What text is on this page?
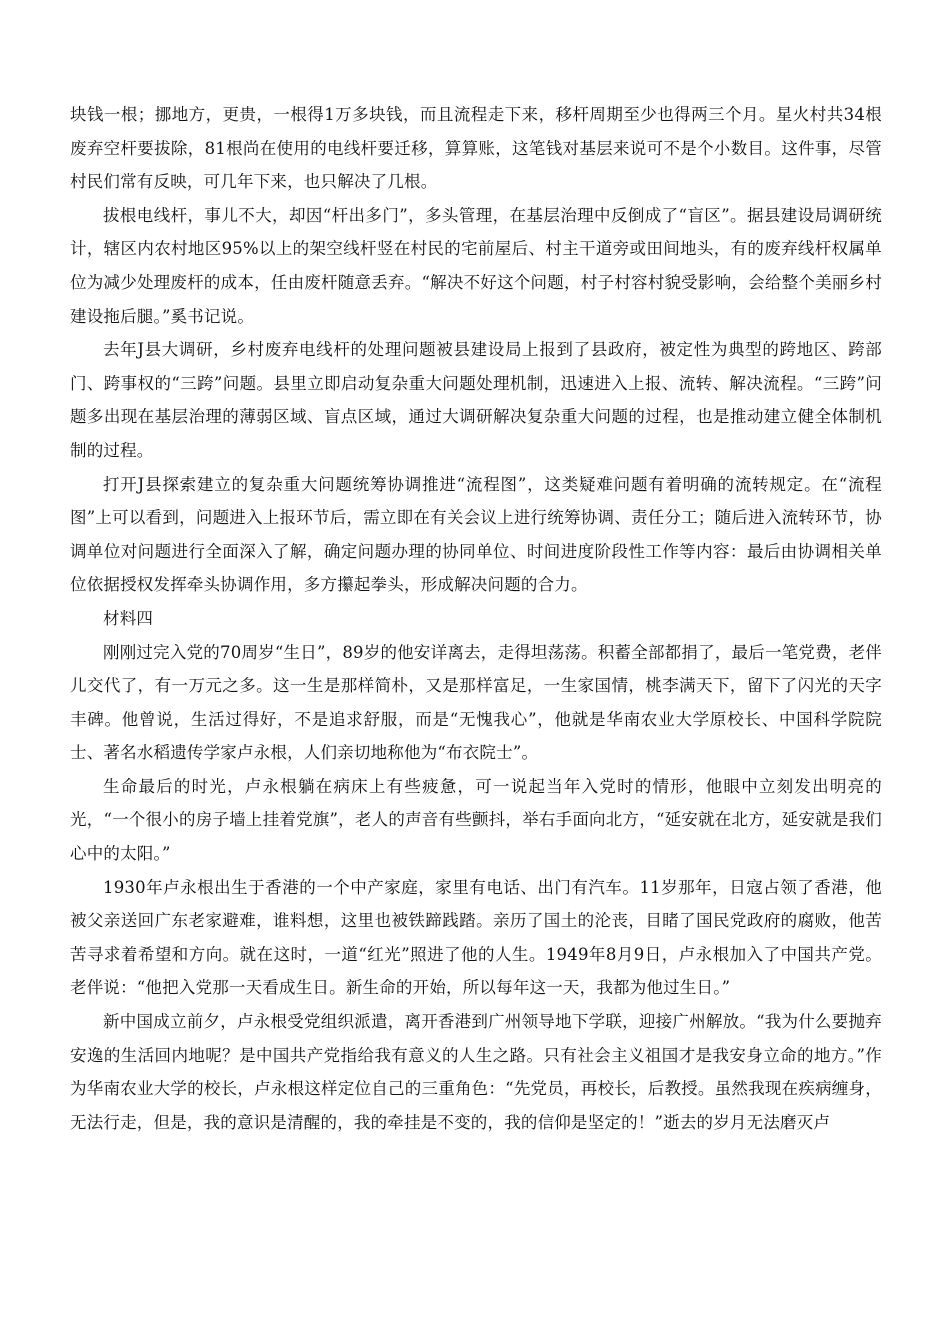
块钱一根；挪地方，更贵，一根得1万多块钱，而且流程走下来，移杆周期至少也得两三个月。星火村共34根废弃空杆要拔除，81根尚在使用的电线杆要迁移，算算账，这笔钱对基层来说可不是个小数目。这件事，尽管村民们常有反映，可几年下来，也只解决了几根。

拔根电线杆，事儿不大，却因“杆出多门”，多头管理，在基层治理中反倒成了“盲区”。据县建设局调研统计，辖区内农村地区95%以上的架空线杆竖在村民的宅前屋后、村主干道旁或田间地头，有的废弃线杆权属单位为减少处理废杆的成本，任由废杆随意丢弃。“解决不好这个问题，村子村容村貌受影响，会给整个美丽乡村建设拖后腿。”奚书记说。

去年J县大调研，乡村废弃电线杆的处理问题被县建设局上报到了县政府，被定性为典型的跨地区、跨部门、跨事权的“三跨”问题。县里立即启动复杂重大问题处理机制，迅速进入上报、流转、解决流程。“三跨”问题多出现在基层治理的薄弱区域、盲点区域，通过大调研解决复杂重大问题的过程，也是推动建立健全体制机制的过程。

打开J县探索建立的复杂重大问题统筹协调推进“流程图”，这类疑难问题有着明确的流转规定。在“流程图”上可以看到，问题进入上报环节后，需立即在有关会议上进行统筹协调、责任分工；随后进入流转环节，协调单位对问题进行全面深入了解，确定问题办理的协同单位、时间进度阶段性工作等内容：最后由协调相关单位依据授权发挥牵头协调作用，多方攥起拳头，形成解决问题的合力。

材料四

刚刚过完入党的70周岁“生日”，89岁的他安详离去，走得坦荡荡。积蓄全部都捐了，最后一笔党费，老伴儿交代了，有一万元之多。这一生是那样简朴，又是那样富足，一生家国情，桃李满天下，留下了闪光的天字丰碑。他曾说，生活过得好，不是追求舒服，而是“无愧我心”，他就是华南农业大学原校长、中国科学院院士、著名水稻遗传学家卢永根，人们亲切地称他为“布衣院士”。

生命最后的时光，卢永根躺在病床上有些疲惫，可一说起当年入党时的情形，他眼中立刻发出明亮的光，“一个很小的房子墙上挂着党旗”，老人的声音有些颤抖，举右手面向北方，“延安就在北方，延安就是我们心中的太阳。”

1930年卢永根出生于香港的一个中产家庭，家里有电话、出门有汽车。11岁那年，日寇占领了香港，他被父亲送回广东老家避难，谁料想，这里也被铁蹄践踏。亲历了国土的沦丧，目睹了国民党政府的腐败，他苦苦寻求着希望和方向。就在这时，一道“红光”照进了他的人生。1949年8月9日，卢永根加入了中国共产党。老伴说：“他把入党那一天看成生日。新生命的开始，所以每年这一天，我都为他过生日。”

新中国成立前夕，卢永根受党组织派遣，离开香港到广州领导地下学联，迎接广州解放。“我为什么要抛弃安逸的生活回内地呢？是中国共产党指给我有意义的人生之路。只有社会主义祖国才是我安身立命的地方。”作为华南农业大学的校长，卢永根这样定位自己的三重角色：“先党员，再校长，后教授。虽然我现在疾病缠身，无法行走，但是，我的意识是清醒的，我的牵挂是不变的，我的信仰是坚定的！”逝去的岁月无法磨灭卢
